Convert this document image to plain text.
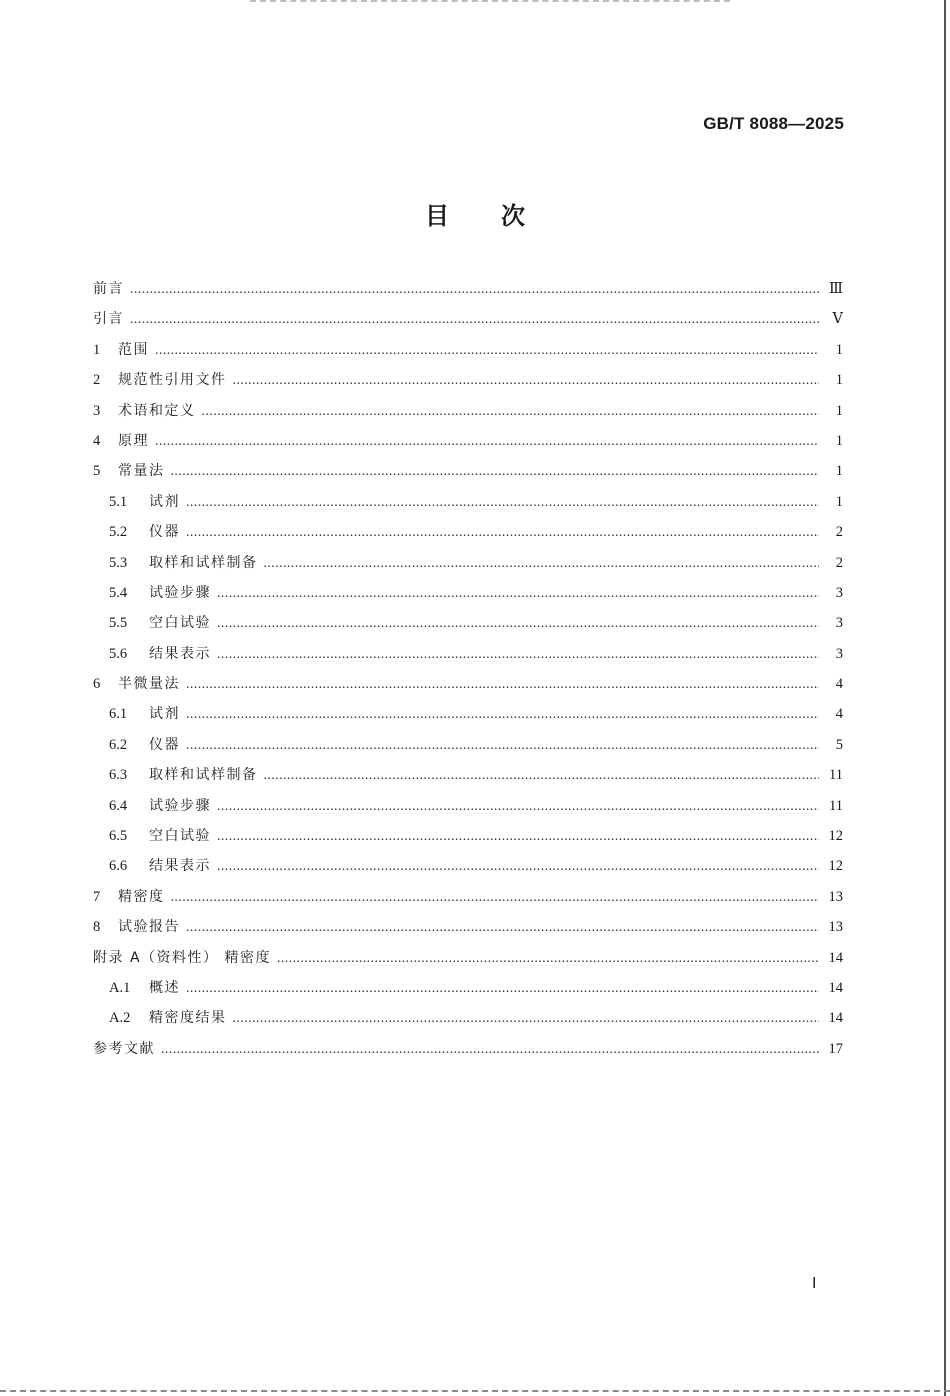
GB/T 8088—2025
目次
前言 .....	Ⅲ
引言 .....	Ⅴ
1	范围 .....	1
2	规范性引用文件 .....	1
3	术语和定义 .....	1
4	原理 .....	1
5	常量法 .....	1
5.1	试剂 .....	1
5.2	仪器 .....	2
5.3	取样和试样制备 .....	2
5.4	试验步骤 .....	3
5.5	空白试验 .....	3
5.6	结果表示 .....	3
6	半微量法 .....	4
6.1	试剂 .....	4
6.2	仪器 .....	5
6.3	取样和试样制备 .....	11
6.4	试验步骤 .....	11
6.5	空白试验 .....	12
6.6	结果表示 .....	12
7	精密度 .....	13
8	试验报告 .....	13
附录 A（资料性） 精密度 .....	14
A.1	概述 .....	14
A.2	精密度结果 .....	14
参考文献 .....	17
Ⅰ
